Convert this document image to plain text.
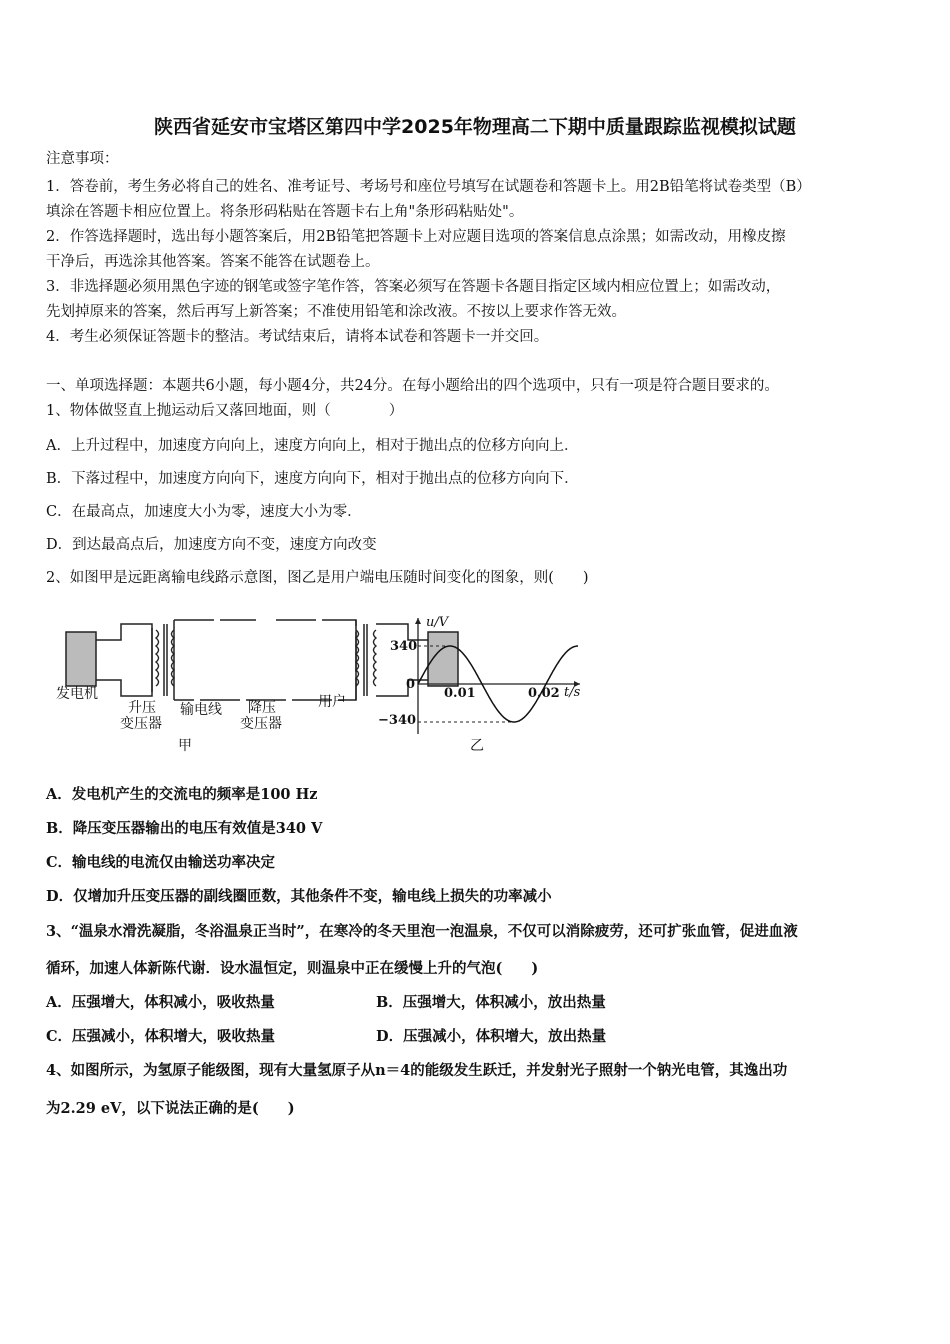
陕西省延安市宝塔区第四中学2025年物理高二下期中质量跟踪监视模拟试题
注意事项：
1．答卷前，考生务必将自己的姓名、准考证号、考场号和座位号填写在试题卷和答题卡上。用2B铅笔将试卷类型（B）
填涂在答题卡相应位置上。将条形码粘贴在答题卡右上角"条形码粘贴处"。
2．作答选择题时，选出每小题答案后，用2B铅笔把答题卡上对应题目选项的答案信息点涂黑；如需改动，用橡皮擦
干净后，再选涂其他答案。答案不能答在试题卷上。
3．非选择题必须用黑色字迹的钢笔或签字笔作答，答案必须写在答题卡各题目指定区域内相应位置上；如需改动，
先划掉原来的答案，然后再写上新答案；不准使用铅笔和涂改液。不按以上要求作答无效。
4．考生必须保证答题卡的整洁。考试结束后，请将本试卷和答题卡一并交回。
一、单项选择题：本题共6小题，每小题4分，共24分。在每小题给出的四个选项中，只有一项是符合题目要求的。
1、物体做竖直上抛运动后又落回地面，则（　　　　）
A．上升过程中，加速度方向向上，速度方向向上，相对于抛出点的位移方向向上．
B．下落过程中，加速度方向向下，速度方向向下，相对于抛出点的位移方向向下．
C．在最高点，加速度大小为零，速度大小为零．
D．到达最高点后，加速度方向不变，速度方向改变
2、如图甲是远距离输电线路示意图，图乙是用户端电压随时间变化的图象，则(　　)
发电机
升压
变压器
输电线 降压
变压器
用户
甲
u/V
340
0
−340
0.01	0.02 t/s
乙
A．发电机产生的交流电的频率是100 Hz
B．降压变压器输出的电压有效值是340 V
C．输电线的电流仅由输送功率决定
D．仅增加升压变压器的副线圈匝数，其他条件不变，输电线上损失的功率减小
3、“温泉水滑洗凝脂，冬浴温泉正当时”，在寒冷的冬天里泡一泡温泉，不仅可以消除疲劳，还可扩张血管，促进血液
循环，加速人体新陈代谢．设水温恒定，则温泉中正在缓慢上升的气泡(　　)
A．压强增大，体积减小，吸收热量	B．压强增大，体积减小，放出热量
C．压强减小，体积增大，吸收热量	D．压强减小，体积增大，放出热量
4、如图所示，为氢原子能级图，现有大量氢原子从n＝4的能级发生跃迁，并发射光子照射一个钠光电管，其逸出功
为2.29 eV，以下说法正确的是(　　)
